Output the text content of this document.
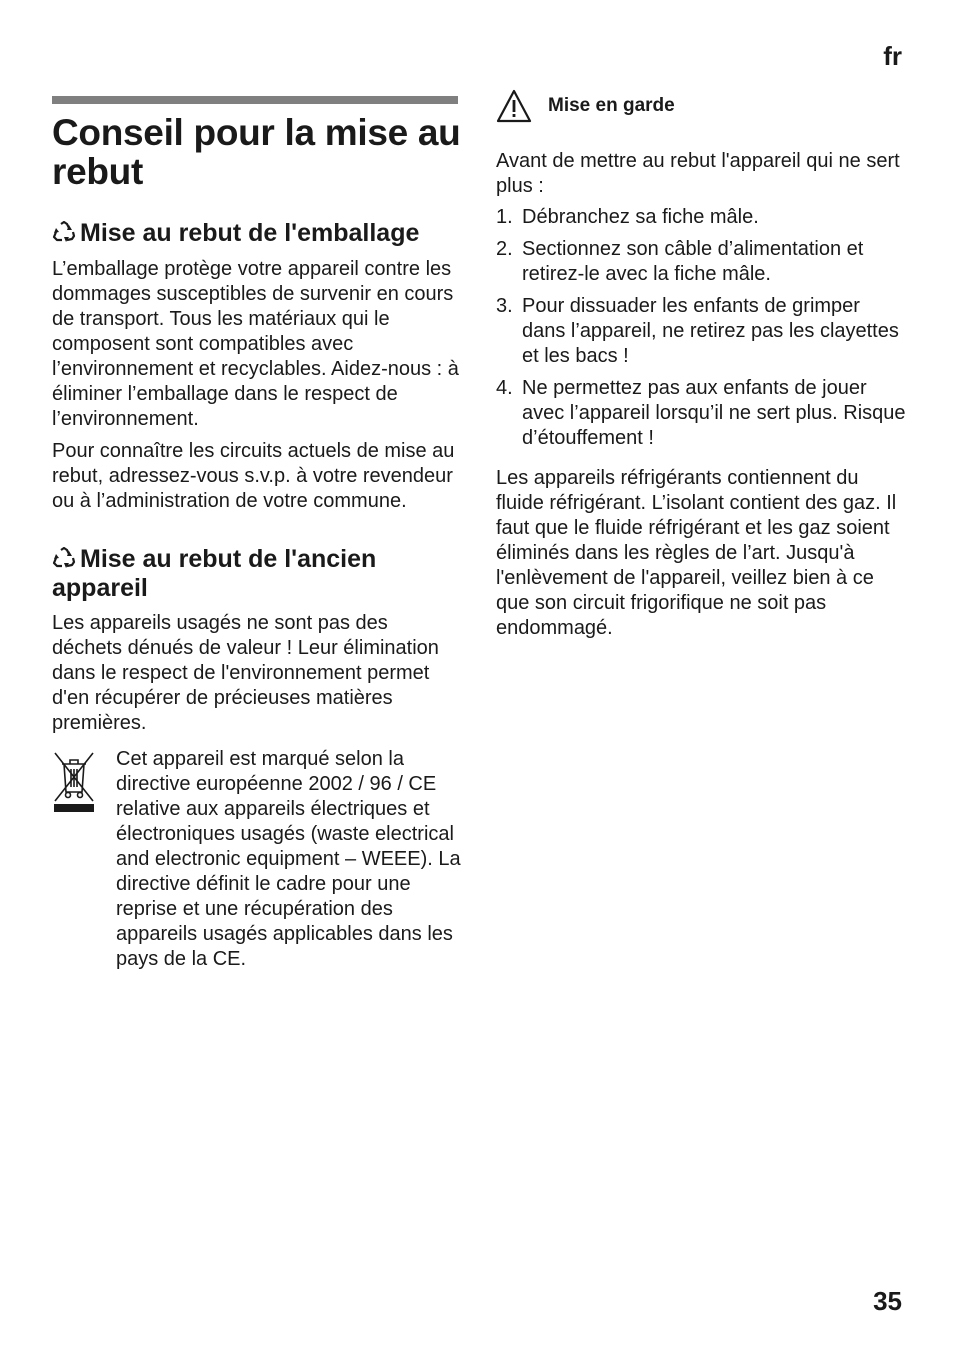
fr
Conseil pour la mise au rebut
Mise au rebut de l'emballage

L’emballage protège votre appareil contre les dommages susceptibles de survenir en cours de transport. Tous les matériaux qui le composent sont compatibles avec l’environnement et recyclables. Aidez-nous : à éliminer l’emballage dans le respect de l’environnement.

Pour connaître les circuits actuels de mise au rebut, adressez-vous s.v.p. à votre revendeur ou à l’administration de votre commune.

Mise au rebut de l'ancien appareil

Les appareils usagés ne sont pas des déchets dénués de valeur ! Leur élimination dans le respect de l'environnement permet d'en récupérer de précieuses matières premières.

Cet appareil est marqué selon la directive européenne 2002 / 96 / CE relative aux appareils électriques et électroniques usagés (waste electrical and electronic equipment – WEEE). La directive définit le cadre pour une reprise et une récupération des appareils usagés applicables dans les pays de la CE.
Mise en garde

Avant de mettre au rebut l'appareil qui ne sert plus :

1. Débranchez sa fiche mâle.
2. Sectionnez son câble d’alimentation et retirez-le avec la fiche mâle.
3. Pour dissuader les enfants de grimper dans l’appareil, ne retirez pas les clayettes et les bacs !
4. Ne permettez pas aux enfants de jouer avec l’appareil lorsqu’il ne sert plus. Risque d’étouffement !

Les appareils réfrigérants contiennent du fluide réfrigérant. L’isolant contient des gaz. Il faut que le fluide réfrigérant et les gaz soient éliminés dans les règles de l’art. Jusqu'à l'enlèvement de l'appareil, veillez bien à ce que son circuit frigorifique ne soit pas endommagé.

35
